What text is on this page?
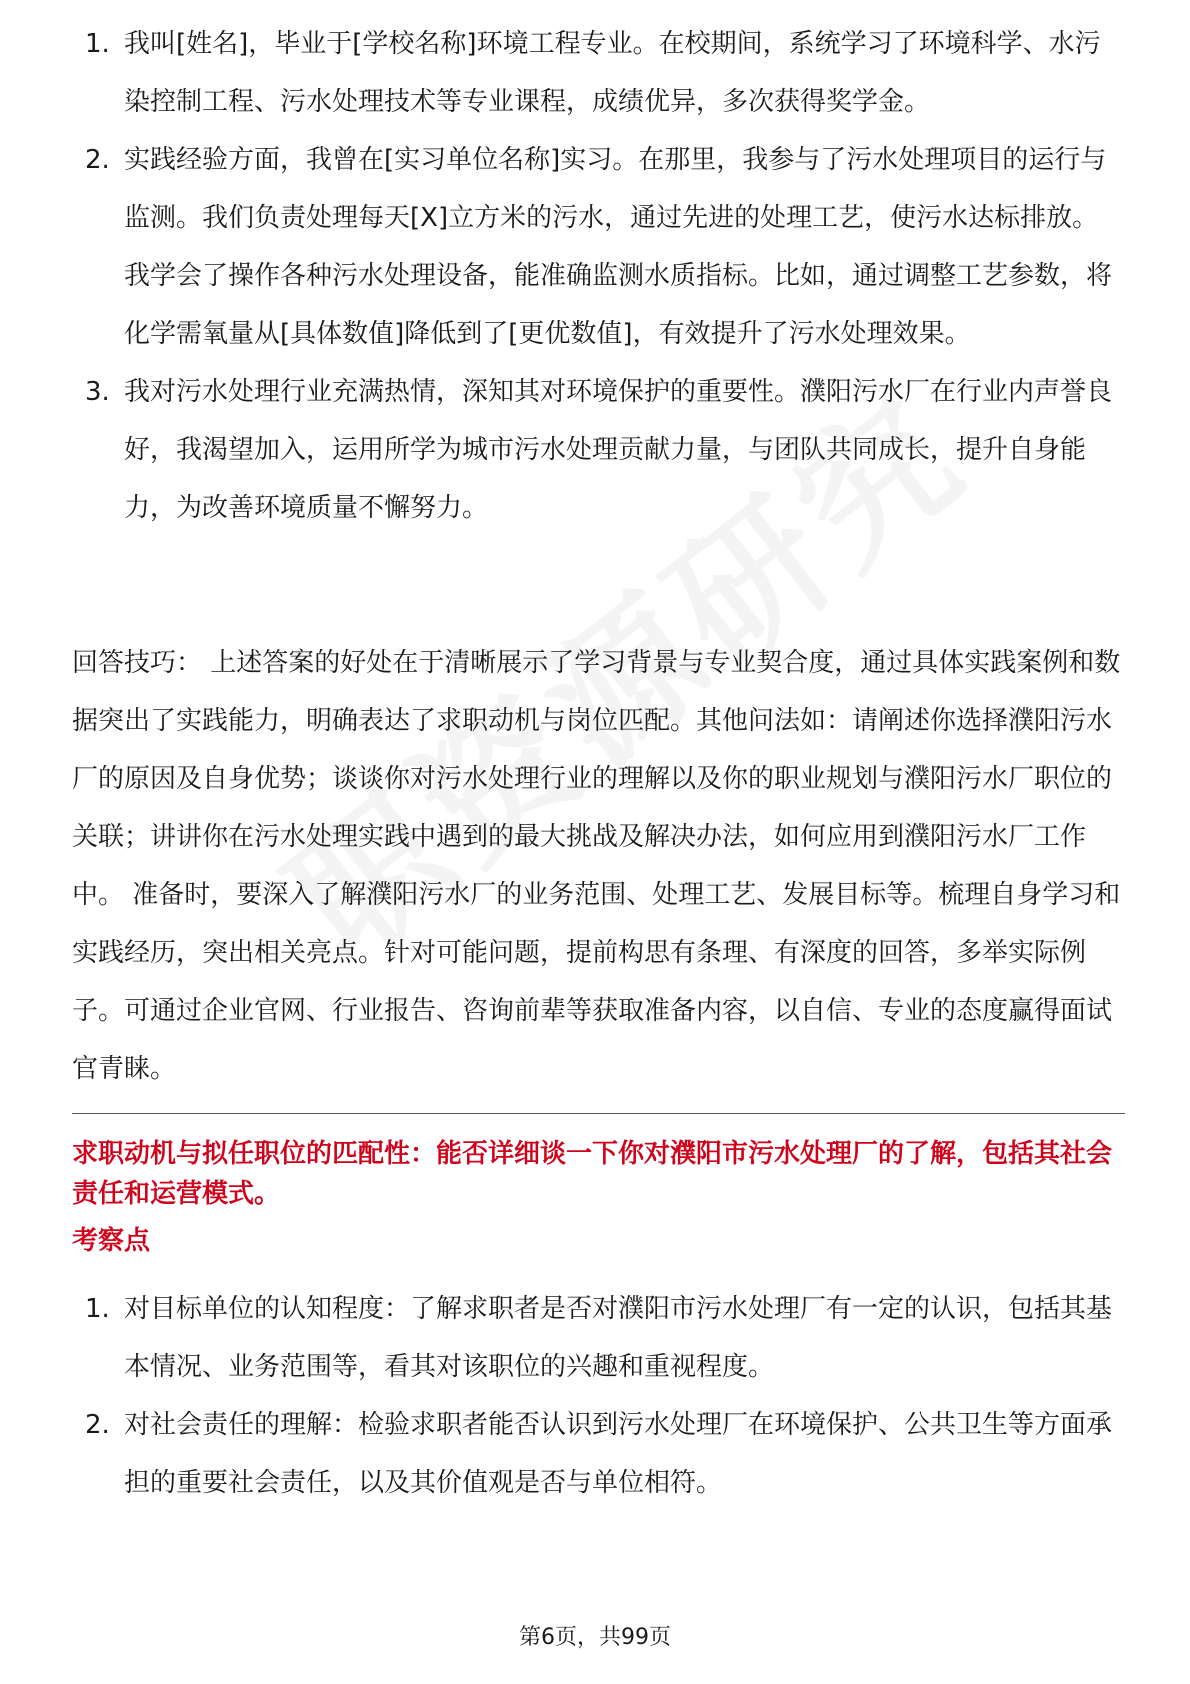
1. 我叫[姓名]，毕业于[学校名称]环境工程专业。在校期间，系统学习了环境科学、水污染控制工程、污水处理技术等专业课程，成绩优异，多次获得奖学金。
2. 实践经验方面，我曾在[实习单位名称]实习。在那里，我参与了污水处理项目的运行与监测。我们负责处理每天[X]立方米的污水，通过先进的处理工艺，使污水达标排放。我学会了操作各种污水处理设备，能准确监测水质指标。比如，通过调整工艺参数，将化学需氧量从[具体数值]降低到了[更优数值]，有效提升了污水处理效果。
3. 我对污水处理行业充满热情，深知其对环境保护的重要性。濮阳污水厂在行业内声誉良好，我渴望加入，运用所学为城市污水处理贡献力量，与团队共同成长，提升自身能力，为改善环境质量不懈努力。
回答技巧： 上述答案的好处在于清晰展示了学习背景与专业契合度，通过具体实践案例和数据突出了实践能力，明确表达了求职动机与岗位匹配。其他问法如：请阐述你选择濮阳污水厂的原因及自身优势；谈谈你对污水处理行业的理解以及你的职业规划与濮阳污水厂职位的关联；讲讲你在污水处理实践中遇到的最大挑战及解决办法，如何应用到濮阳污水厂工作中。 准备时，要深入了解濮阳污水厂的业务范围、处理工艺、发展目标等。梳理自身学习和实践经历，突出相关亮点。针对可能问题，提前构思有条理、有深度的回答，多举实际例子。可通过企业官网、行业报告、咨询前辈等获取准备内容，以自信、专业的态度赢得面试官青睐。
求职动机与拟任职位的匹配性：能否详细谈一下你对濮阳市污水处理厂的了解，包括其社会责任和运营模式。
考察点
1. 对目标单位的认知程度：了解求职者是否对濮阳市污水处理厂有一定的认识，包括其基本情况、业务范围等，看其对该职位的兴趣和重视程度。
2. 对社会责任的理解：检验求职者能否认识到污水处理厂在环境保护、公共卫生等方面承担的重要社会责任，以及其价值观是否与单位相符。
第6页，共99页
